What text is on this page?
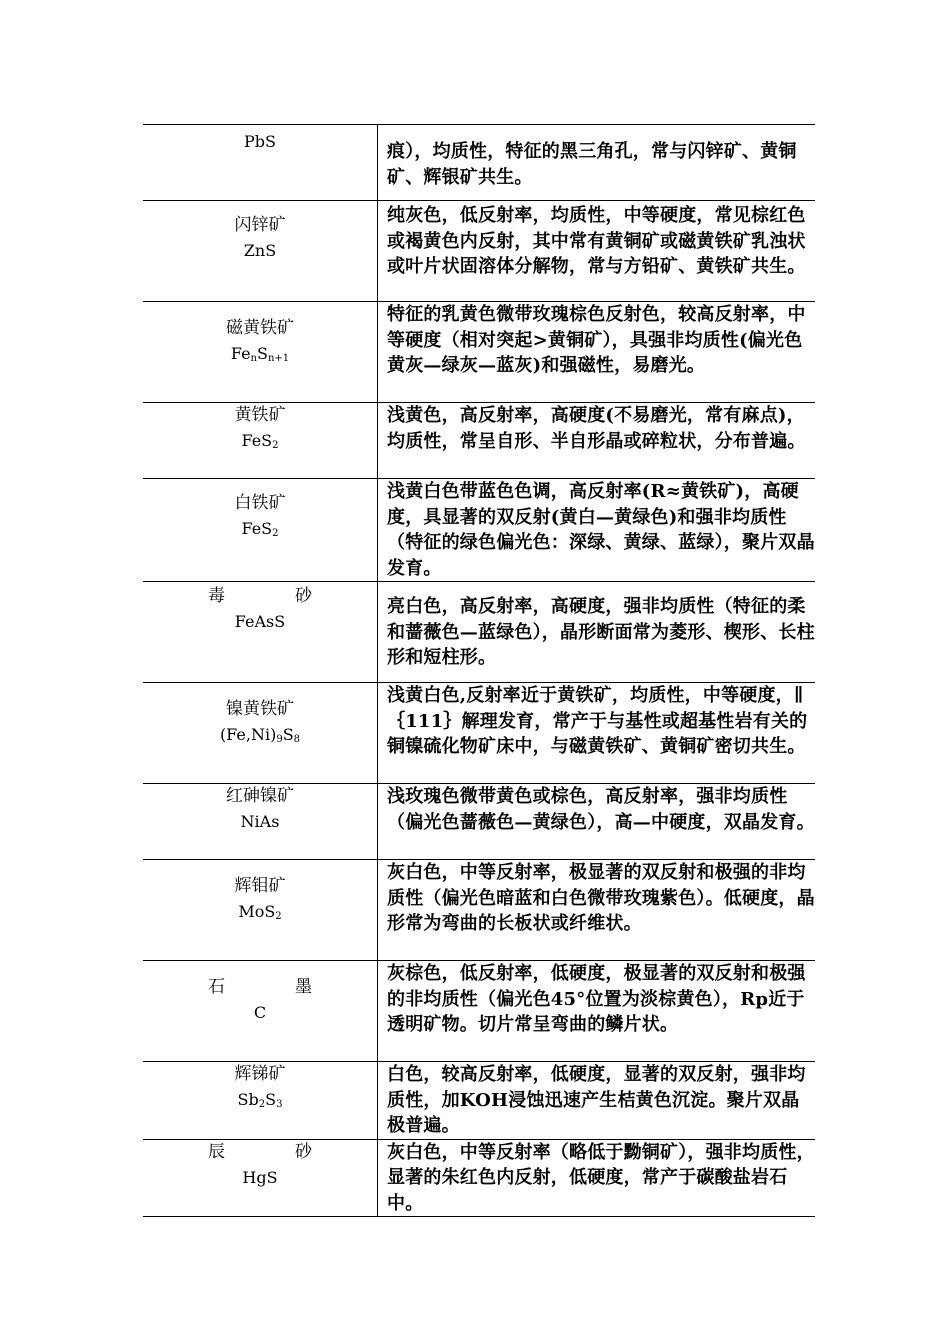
PbS	痕），均质性，特征的黑三角孔，常与闪锌矿、黄铜矿、辉银矿共生。

闪锌矿
ZnS	纯灰色，低反射率，均质性，中等硬度，常见棕红色或褐黄色内反射，其中常有黄铜矿或磁黄铁矿乳浊状或叶片状固溶体分解物，常与方铅矿、黄铁矿共生。

磁黄铁矿
$Fe_nS_{n+1}$	特征的乳黄色微带玫瑰棕色反射色，较高反射率，中等硬度（相对突起>黄铜矿），具强非均质性(偏光色黄灰—绿灰—蓝灰)和强磁性，易磨光。

黄铁矿
FeS$_2$	浅黄色，高反射率，高硬度(不易磨光，常有麻点)，均质性，常呈自形、半自形晶或碎粒状，分布普遍。

白铁矿
FeS$_2$	浅黄白色带蓝色色调，高反射率(R≈黄铁矿)，高硬度，具显著的双反射(黄白—黄绿色)和强非均质性（特征的绿色偏光色：深绿、黄绿、蓝绿），聚片双晶发育。

毒砂
FeAsS	亮白色，高反射率，高硬度，强非均质性（特征的柔和蔷薇色—蓝绿色），晶形断面常为菱形、楔形、长柱形和短柱形。

镍黄铁矿
$(Fe,Ni)_9S_8$	浅黄白色,反射率近于黄铁矿，均质性，中等硬度，∥｛111｝解理发育，常产于与基性或超基性岩有关的铜镍硫化物矿床中，与磁黄铁矿、黄铜矿密切共生。

红砷镍矿
NiAs	浅玫瑰色微带黄色或棕色，高反射率，强非均质性（偏光色蔷薇色—黄绿色），高—中硬度，双晶发育。

辉钼矿
MoS$_2$	灰白色，中等反射率，极显著的双反射和极强的非均质性（偏光色暗蓝和白色微带玫瑰紫色）。低硬度，晶形常为弯曲的长板状或纤维状。

石墨
C	灰棕色，低反射率，低硬度，极显著的双反射和极强的非均质性（偏光色45°位置为淡棕黄色），Rp近于透明矿物。切片常呈弯曲的鳞片状。

辉锑矿
$Sb_2S_3$	白色，较高反射率，低硬度，显著的双反射，强非均质性，加KOH浸蚀迅速产生桔黄色沉淀。聚片双晶极普遍。

辰砂
HgS	灰白色，中等反射率（略低于黝铜矿），强非均质性，显著的朱红色内反射，低硬度，常产于碳酸盐岩石中。
